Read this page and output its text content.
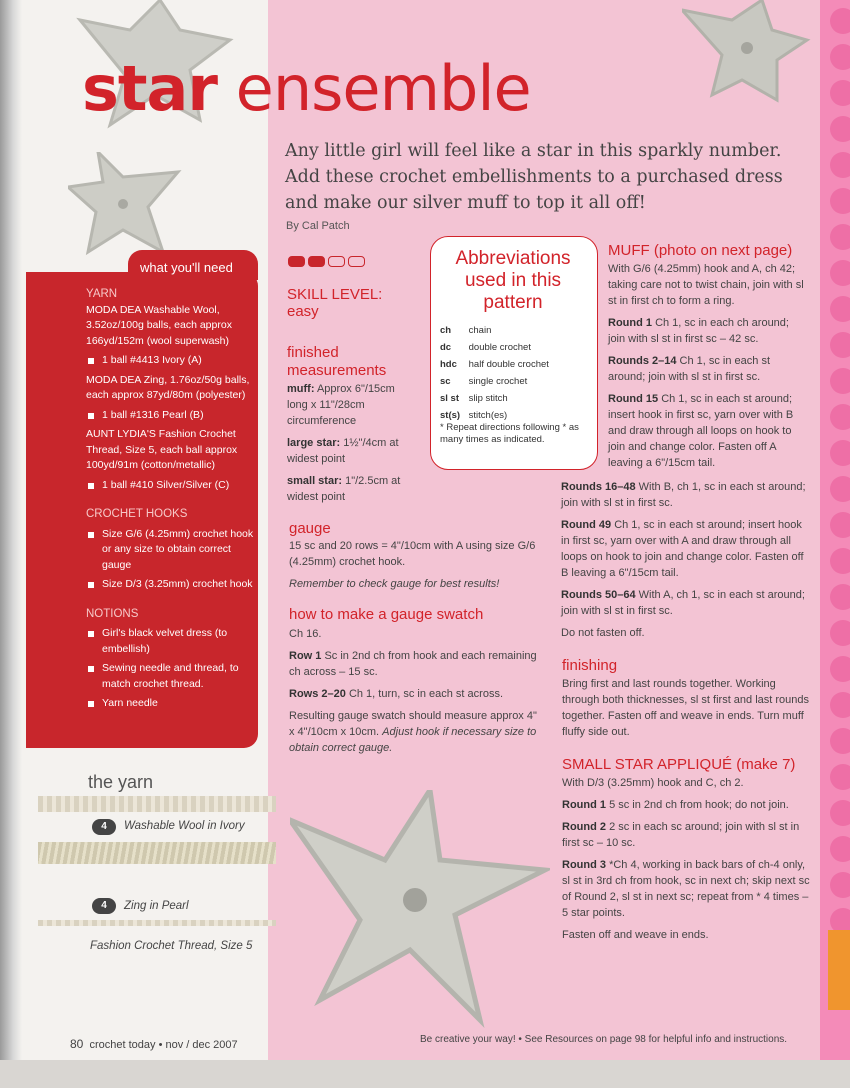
star ensemble
Any little girl will feel like a star in this sparkly number. Add these crochet embellishments to a purchased dress and make our silver muff to top it all off!
By Cal Patch
what you'll need

YARN

MODA DEA Washable Wool, 3.52oz/100g balls, each approx 166yd/152m (wool superwash)

1 ball #4413 Ivory (A)

MODA DEA Zing, 1.76oz/50g balls, each approx 87yd/80m (polyester)

1 ball #1316 Pearl (B)

AUNT LYDIA'S Fashion Crochet Thread, Size 5, each ball approx 100yd/91m (cotton/metallic)

1 ball #410 Silver/Silver (C)

CROCHET HOOKS

Size G/6 (4.25mm) crochet hook or any size to obtain correct gauge

Size D/3 (3.25mm) crochet hook

NOTIONS

Girl's black velvet dress (to embellish)

Sewing needle and thread, to match crochet thread.

Yarn needle

the yarn
4	Washable Wool in Ivory
4	Zing in Pearl
Fashion Crochet Thread, Size 5
SKILL LEVEL:
easy
finished measurements
muff: Approx 6"/15cm long x 11"/28cm circumference
large star: 1½"/4cm at widest point
small star: 1"/2.5cm at widest point
gauge
15 sc and 20 rows = 4"/10cm with A using size G/6 (4.25mm) crochet hook.
Remember to check gauge for best results!
how to make a gauge swatch
Ch 16.
Row 1 Sc in 2nd ch from hook and each remaining ch across – 15 sc.
Rows 2–20 Ch 1, turn, sc in each st across.
Resulting gauge swatch should measure approx 4" x 4"/10cm x 10cm. Adjust hook if necessary size to obtain correct gauge.
Abbreviations used in this pattern
ch chain
dc double crochet
hdc half double crochet
sc single crochet
sl st slip stitch
st(s) stitch(es)
* Repeat directions following * as many times as indicated.
MUFF (photo on next page)
With G/6 (4.25mm) hook and A, ch 42; taking care not to twist chain, join with sl st in first ch to form a ring.
Round 1 Ch 1, sc in each ch around; join with sl st in first sc – 42 sc.
Rounds 2–14 Ch 1, sc in each st around; join with sl st in first sc.
Round 15 Ch 1, sc in each st around; insert hook in first sc, yarn over with B and draw through all loops on hook to join and change color. Fasten off A leaving a 6"/15cm tail.
Rounds 16–48 With B, ch 1, sc in each st around; join with sl st in first sc.
Round 49 Ch 1, sc in each st around; insert hook in first sc, yarn over with A and draw through all loops on hook to join and change color. Fasten off B leaving a 6"/15cm tail.
Rounds 50–64 With A, ch 1, sc in each st around; join with sl st in first sc.
Do not fasten off.
finishing
Bring first and last rounds together. Working through both thicknesses, sl st first and last rounds together. Fasten off and weave in ends. Turn muff fluffy side out.
SMALL STAR APPLIQUÉ (make 7)
With D/3 (3.25mm) hook and C, ch 2.
Round 1 5 sc in 2nd ch from hook; do not join.
Round 2 2 sc in each sc around; join with sl st in first sc – 10 sc.
Round 3 *Ch 4, working in back bars of ch-4 only, sl st in 3rd ch from hook, sc in next ch; skip next sc of Round 2, sl st in next sc; repeat from * 4 times – 5 star points.
Fasten off and weave in ends.
80 crochet today • nov / dec 2007	Be creative your way! • See Resources on page 98 for helpful info and instructions.
